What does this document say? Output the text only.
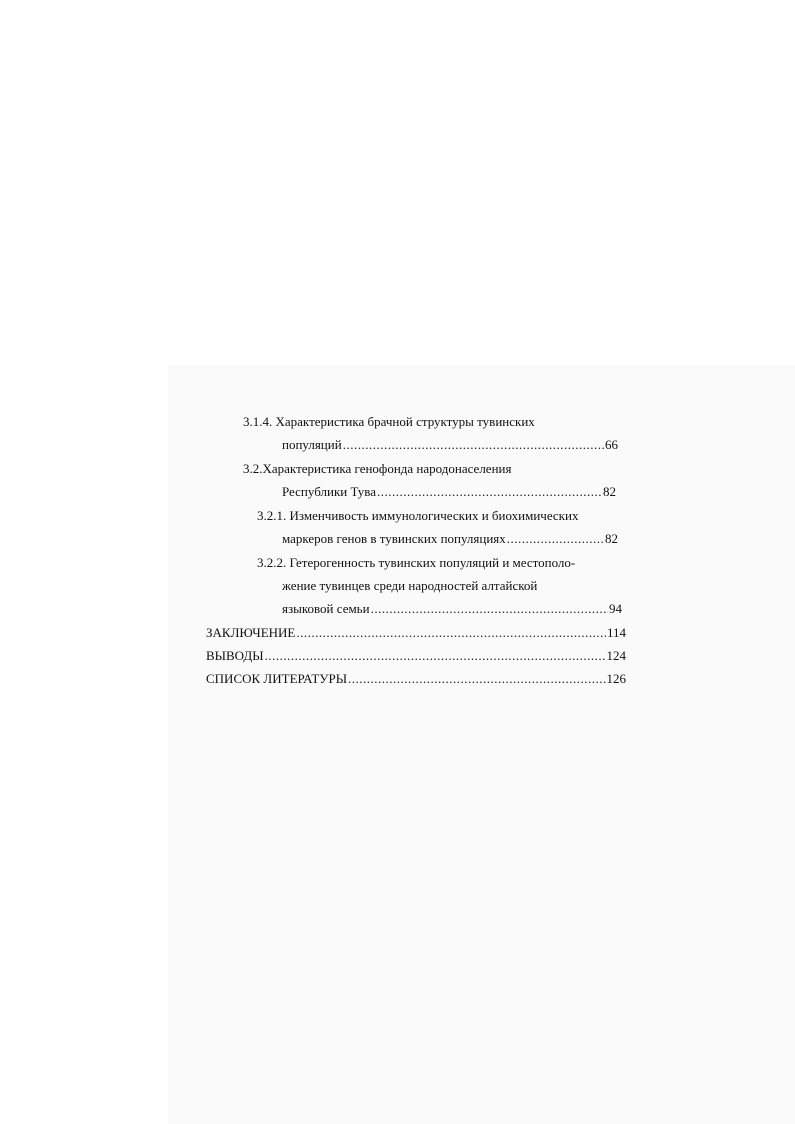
3.1.4. Характеристика брачной структуры тувинских
популяций .....	66
3.2.Характеристика генофонда народонаселения
Республики Тува .....	82
3.2.1. Изменчивость иммунологических и биохимических
маркеров генов в тувинских популяциях .....	82
3.2.2. Гетерогенность тувинских популяций и местополо-
жение тувинцев среди народностей алтайской
языковой семьи .....	94
ЗАКЛЮЧЕНИЕ .....	114
ВЫВОДЫ .....	124
СПИСОК ЛИТЕРАТУРЫ .....	126
